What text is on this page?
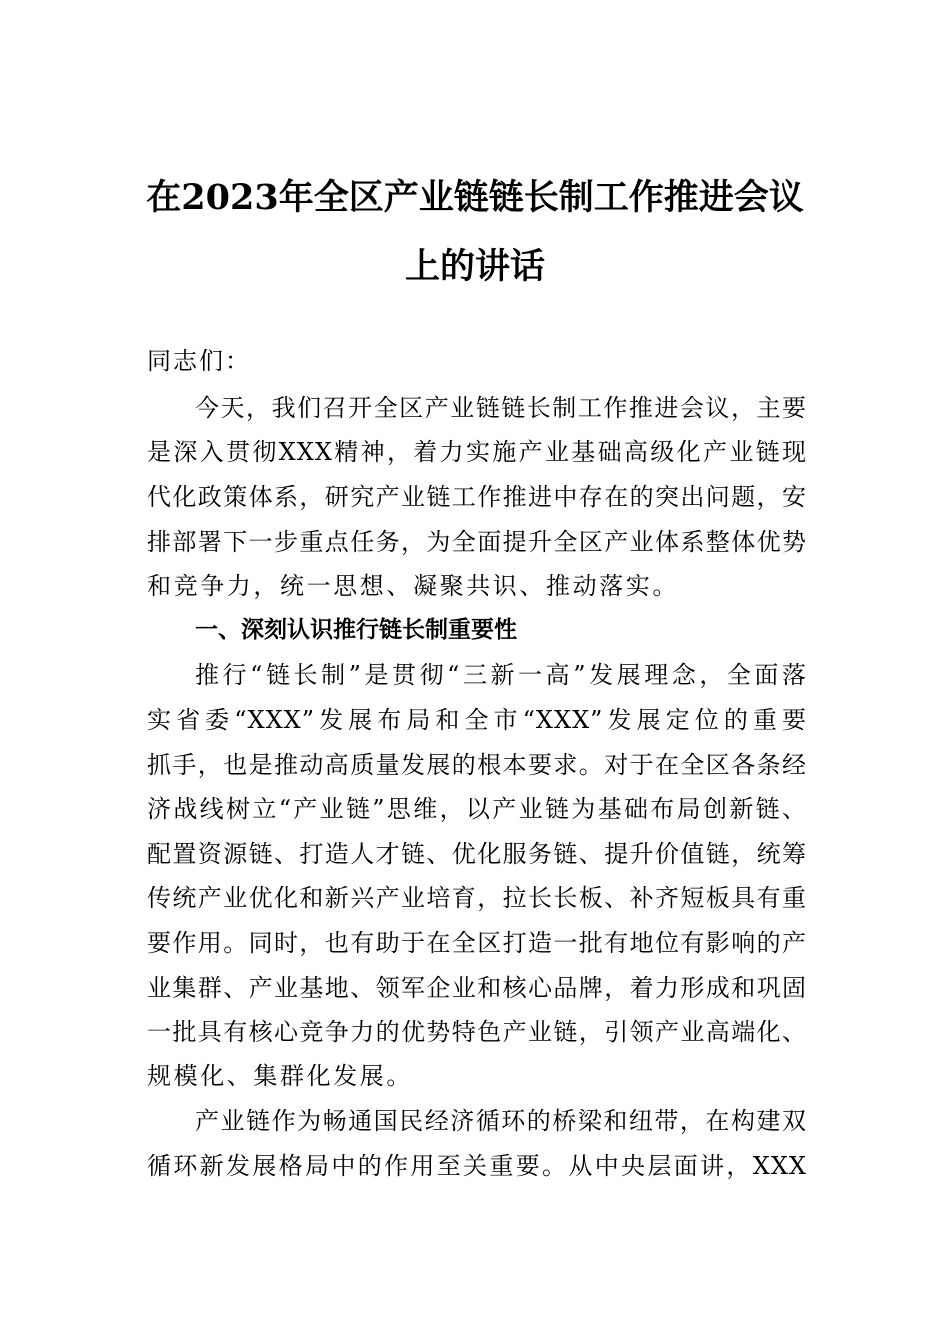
在2023年全区产业链链长制工作推进会议
上的讲话
同志们：
今天，我们召开全区产业链链长制工作推进会议，主要
是深入贯彻XXX精神，着力实施产业基础高级化产业链现
代化政策体系，研究产业链工作推进中存在的突出问题，安
排部署下一步重点任务，为全面提升全区产业体系整体优势
和竞争力，统一思想、凝聚共识、推动落实。
一、深刻认识推行链长制重要性
推行“链长制”是贯彻“三新一高”发展理念，全面落
实省委“XXX”发展布局和全市“XXX”发展定位的重要
抓手，也是推动高质量发展的根本要求。对于在全区各条经
济战线树立“产业链”思维，以产业链为基础布局创新链、
配置资源链、打造人才链、优化服务链、提升价值链，统筹
传统产业优化和新兴产业培育，拉长长板、补齐短板具有重
要作用。同时，也有助于在全区打造一批有地位有影响的产
业集群、产业基地、领军企业和核心品牌，着力形成和巩固
一批具有核心竞争力的优势特色产业链，引领产业高端化、
规模化、集群化发展。
产业链作为畅通国民经济循环的桥梁和纽带，在构建双
循环新发展格局中的作用至关重要。从中央层面讲，XXX
